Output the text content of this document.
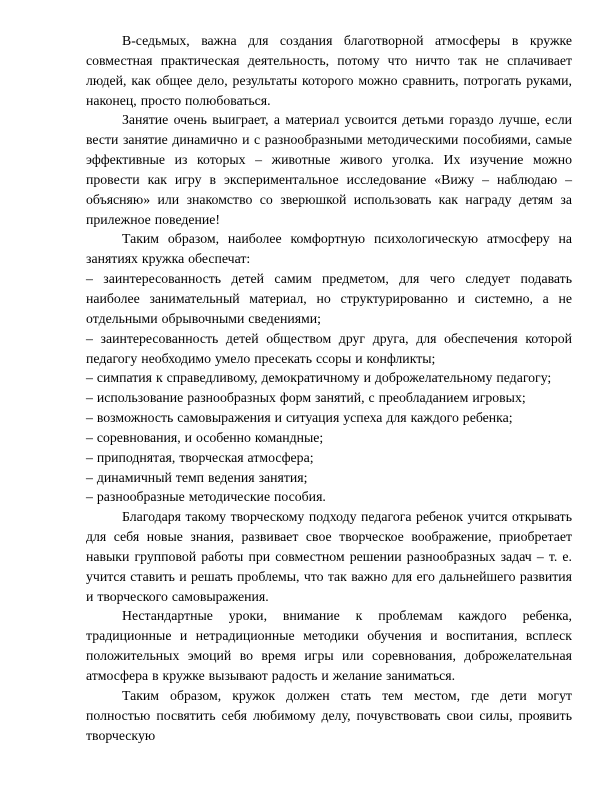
В-седьмых, важна для создания благотворной атмосферы в кружке совместная практическая деятельность, потому что ничто так не сплачивает людей, как общее дело, результаты которого можно сравнить, потрогать руками, наконец, просто полюбоваться.

Занятие очень выиграет, а материал усвоится детьми гораздо лучше, если вести занятие динамично и с разнообразными методическими пособиями, самые эффективные из которых – животные живого уголка. Их изучение можно провести как игру в экспериментальное исследование «Вижу – наблюдаю – объясняю» или знакомство со зверюшкой использовать как награду детям за прилежное поведение!

Таким образом, наиболее комфортную психологическую атмосферу на занятиях кружка обеспечат:

– заинтересованность детей самим предметом, для чего следует подавать наиболее занимательный материал, но структурированно и системно, а не отдельными обрывочными сведениями;

– заинтересованность детей обществом друг друга, для обеспечения которой педагогу необходимо умело пресекать ссоры и конфликты;

– симпатия к справедливому, демократичному и доброжелательному педагогу;

– использование разнообразных форм занятий, с преобладанием игровых;

– возможность самовыражения и ситуация успеха для каждого ребенка;

– соревнования, и особенно командные;

– приподнятая, творческая атмосфера;

– динамичный темп ведения занятия;

– разнообразные методические пособия.

Благодаря такому творческому подходу педагога ребенок учится открывать для себя новые знания, развивает свое творческое воображение, приобретает навыки групповой работы при совместном решении разнообразных задач – т. е. учится ставить и решать проблемы, что так важно для его дальнейшего развития и творческого самовыражения.

Нестандартные уроки, внимание к проблемам каждого ребенка, традиционные и нетрадиционные методики обучения и воспитания, всплеск положительных эмоций во время игры или соревнования, доброжелательная атмосфера в кружке вызывают радость и желание заниматься.

Таким образом, кружок должен стать тем местом, где дети могут полностью посвятить себя любимому делу, почувствовать свои силы, проявить творческую
